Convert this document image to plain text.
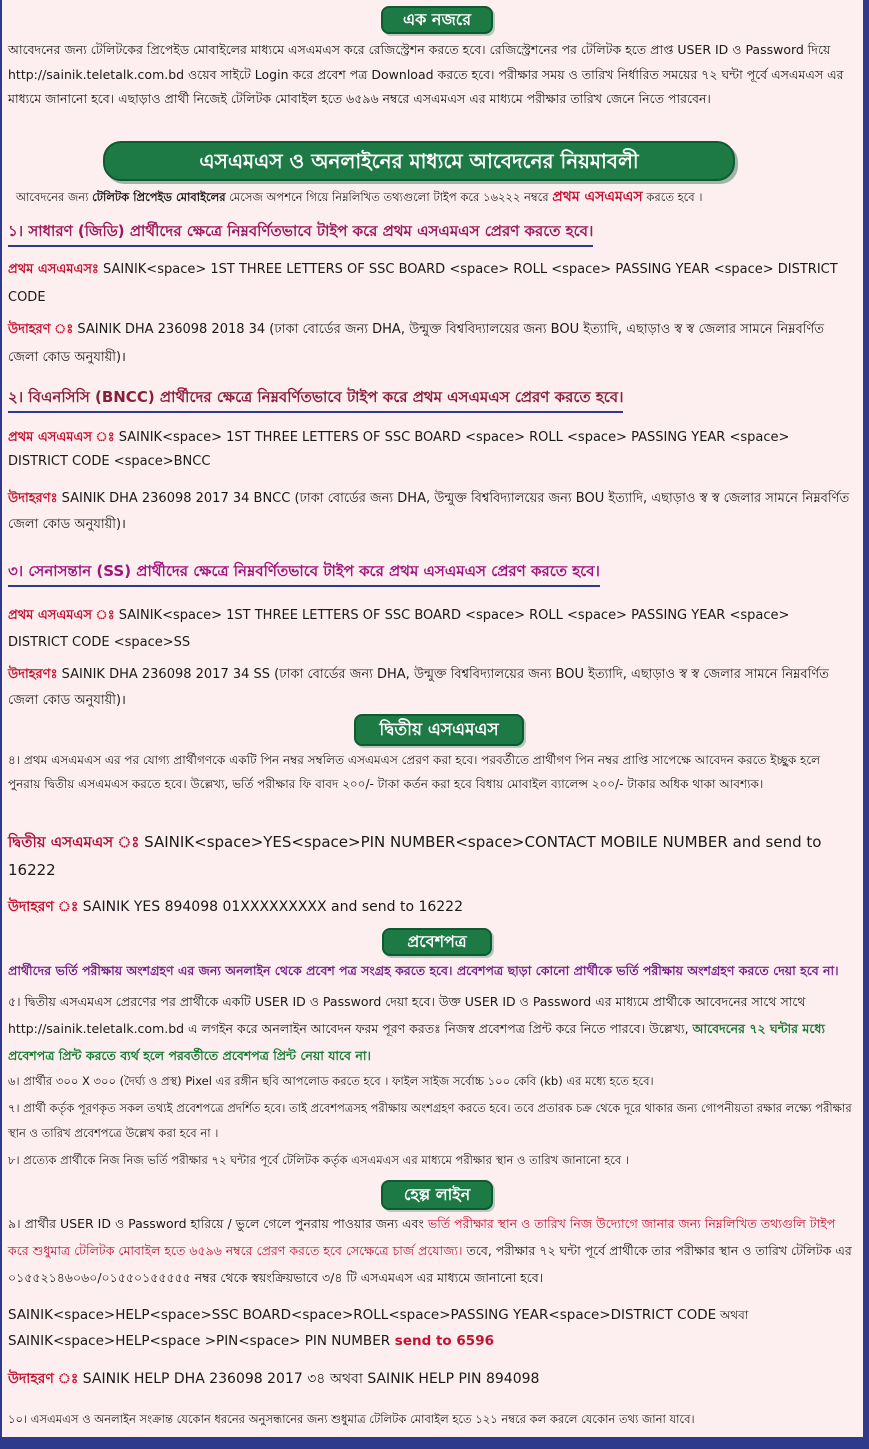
এক নজরে

আবেদনের জন্য টেলিটকের প্রিপেইড মোবাইলের মাধ্যমে এসএমএস করে রেজিস্ট্রেশন করতে হবে। রেজিস্ট্রেশনের পর টেলিটক হতে প্রাপ্ত USER ID ও Password দিয়ে http://sainik.teletalk.com.bd ওয়েব সাইটে Login করে প্রবেশ পত্র Download করতে হবে। পরীক্ষার সময় ও তারিখ নির্ধারিত সময়ের ৭২ ঘন্টা পূর্বে এসএমএস এর মাধ্যমে জানানো হবে। এছাড়াও প্রার্থী নিজেই টেলিটক মোবাইল হতে ৬৫৯৬ নম্বরে এসএমএস এর মাধ্যমে পরীক্ষার তারিখ জেনে নিতে পারবেন।

এসএমএস ও অনলাইনের মাধ্যমে আবেদনের নিয়মাবলী

আবেদনের জন্য টেলিটক প্রিপেইড মোবাইলের মেসেজ অপশনে গিয়ে নিম্নলিখিত তথ্যগুলো টাইপ করে ১৬২২২ নম্বরে প্রথম এসএমএস করতে হবে ।

১। সাধারণ (জিডি) প্রার্থীদের ক্ষেত্রে নিম্নবর্ণিতভাবে টাইপ করে প্রথম এসএমএস প্রেরণ করতে হবে।

প্রথম এসএমএসঃ SAINIK<space> 1ST THREE LETTERS OF SSC BOARD <space> ROLL <space> PASSING YEAR <space> DISTRICT CODE

উদাহরণ ঃ SAINIK DHA 236098 2018 34 (ঢাকা বোর্ডের জন্য DHA, উন্মুক্ত বিশ্ববিদ্যালয়ের জন্য BOU ইত্যাদি, এছাড়াও স্ব স্ব জেলার সামনে নিম্নবর্ণিত জেলা কোড অনুযায়ী)।

২। বিএনসিসি (BNCC) প্রার্থীদের ক্ষেত্রে নিম্নবর্ণিতভাবে টাইপ করে প্রথম এসএমএস প্রেরণ করতে হবে।

প্রথম এসএমএস ঃ SAINIK<space> 1ST THREE LETTERS OF SSC BOARD <space> ROLL <space> PASSING YEAR <space> DISTRICT CODE <space>BNCC

উদাহরণঃ SAINIK DHA 236098 2017 34 BNCC (ঢাকা বোর্ডের জন্য DHA, উন্মুক্ত বিশ্ববিদ্যালয়ের জন্য BOU ইত্যাদি, এছাড়াও স্ব স্ব জেলার সামনে নিম্নবর্ণিত জেলা কোড অনুযায়ী)।

৩। সেনাসন্তান (SS) প্রার্থীদের ক্ষেত্রে নিম্নবর্ণিতভাবে টাইপ করে প্রথম এসএমএস প্রেরণ করতে হবে।

প্রথম এসএমএস ঃ SAINIK<space> 1ST THREE LETTERS OF SSC BOARD <space> ROLL <space> PASSING YEAR <space> DISTRICT CODE <space>SS

উদাহরণঃ SAINIK DHA 236098 2017 34 SS (ঢাকা বোর্ডের জন্য DHA, উন্মুক্ত বিশ্ববিদ্যালয়ের জন্য BOU ইত্যাদি, এছাড়াও স্ব স্ব জেলার সামনে নিম্নবর্ণিত জেলা কোড অনুযায়ী)।

দ্বিতীয় এসএমএস

৪। প্রথম এসএমএস এর পর যোগ্য প্রার্থীগণকে একটি পিন নম্বর সম্বলিত এসএমএস প্রেরণ করা হবে। পরবর্তীতে প্রার্থীগণ পিন নম্বর প্রাপ্তি সাপেক্ষে আবেদন করতে ইচ্ছুক হলে পুনরায় দ্বিতীয় এসএমএস করতে হবে। উল্লেখ্য, ভর্তি পরীক্ষার ফি বাবদ ২০০/- টাকা কর্তন করা হবে বিধায় মোবাইল ব্যালেন্স ২০০/- টাকার অধিক থাকা আবশ্যক।

দ্বিতীয় এসএমএস ঃ SAINIK<space>YES<space>PIN NUMBER<space>CONTACT MOBILE NUMBER and send to 16222

উদাহরণ ঃ SAINIK YES 894098 01XXXXXXXXX and send to 16222

প্রবেশপত্র

প্রার্থীদের ভর্তি পরীক্ষায় অংশগ্রহণ এর জন্য অনলাইন থেকে প্রবেশ পত্র সংগ্রহ করতে হবে। প্রবেশপত্র ছাড়া কোনো প্রার্থীকে ভর্তি পরীক্ষায় অংশগ্রহণ করতে দেয়া হবে না।

৫। দ্বিতীয় এসএমএস প্রেরণের পর প্রার্থীকে একটি USER ID ও Password দেয়া হবে। উক্ত USER ID ও Password এর মাধ্যমে প্রার্থীকে আবেদনের সাথে সাথে http://sainik.teletalk.com.bd এ লগইন করে অনলাইন আবেদন ফরম পূরণ করতঃ নিজস্ব প্রবেশপত্র প্রিন্ট করে নিতে পারবে। উল্লেখ্য, আবেদনের ৭২ ঘন্টার মধ্যে প্রবেশপত্র প্রিন্ট করতে ব্যর্থ হলে পরবর্তীতে প্রবেশপত্র প্রিন্ট নেয়া যাবে না।

৬। প্রার্থীর ৩০০ X ৩০০ (দৈর্ঘ্য ও প্রস্থ) Pixel এর রঙ্গীন ছবি আপলোড করতে হবে । ফাইল সাইজ সর্বোচ্চ ১০০ কেবি (kb) এর মধ্যে হতে হবে।

৭। প্রার্থী কর্তৃক পূরণকৃত সকল তথ্যই প্রবেশপত্রে প্রদর্শিত হবে। তাই প্রবেশপত্রসহ পরীক্ষায় অংশগ্রহণ করতে হবে। তবে প্রতারক চক্র থেকে দূরে থাকার জন্য গোপনীয়তা রক্ষার লক্ষ্যে পরীক্ষার স্থান ও তারিখ প্রবেশপত্রে উল্লেখ করা হবে না ।

৮। প্রত্যেক প্রার্থীকে নিজ নিজ ভর্তি পরীক্ষার ৭২ ঘন্টার পূর্বে টেলিটক কর্তৃক এসএমএস এর মাধ্যমে পরীক্ষার স্থান ও তারিখ জানানো হবে ।

হেল্প লাইন

৯। প্রার্থীর USER ID ও Password হারিয়ে / ভুলে গেলে পুনরায় পাওয়ার জন্য এবং ভর্তি পরীক্ষার স্থান ও তারিখ নিজ উদ্যোগে জানার জন্য নিম্নলিখিত তথ্যগুলি টাইপ করে শুধুমাত্র টেলিটক মোবাইল হতে ৬৫৯৬ নম্বরে প্রেরণ করতে হবে সেক্ষেত্রে চার্জ প্রযোজ্য। তবে, পরীক্ষার ৭২ ঘন্টা পূর্বে প্রার্থীকে তার পরীক্ষার স্থান ও তারিখ টেলিটক এর ০১৫৫২১৪৬০৬০/০১৫৫০১৫৫৫৫৫ নম্বর থেকে স্বয়ংক্রিয়ভাবে ৩/৪ টি এসএমএস এর মাধ্যমে জানানো হবে।

SAINIK<space>HELP<space>SSC BOARD<space>ROLL<space>PASSING YEAR<space>DISTRICT CODE অথবা
SAINIK<space>HELP<space >PIN<space> PIN NUMBER send to 6596

উদাহরণ ঃ SAINIK HELP DHA 236098 2017 ৩৪ অথবা SAINIK HELP PIN 894098

১০। এসএমএস ও অনলাইন সংক্রান্ত যেকোন ধরনের অনুসন্ধানের জন্য শুধুমাত্র টেলিটক মোবাইল হতে ১২১ নম্বরে কল করলে যেকোন তথ্য জানা যাবে।
